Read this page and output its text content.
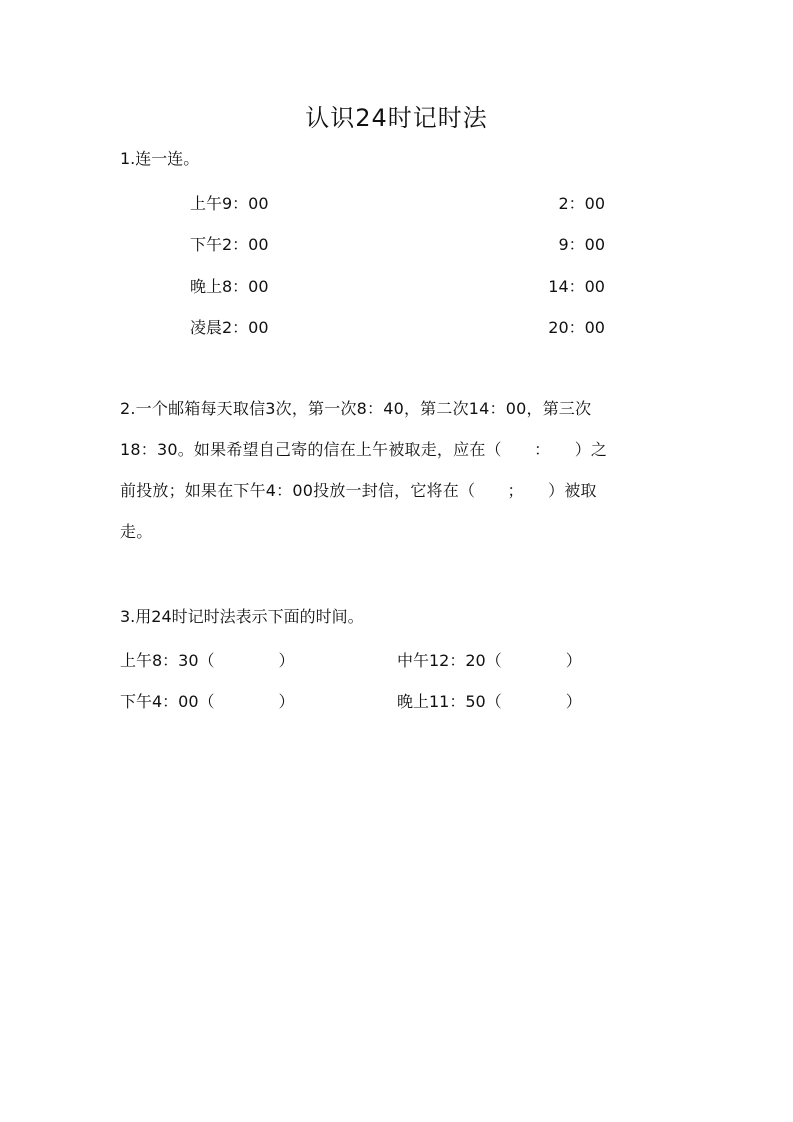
认识24时记时法
1.连一连。
上午9：00
下午2：00
晚上8：00
凌晨2：00
2：00
9：00
14：00
20：00

2.一个邮箱每天取信3次，第一次8：40，第二次14：00，第三次

18：30。如果希望自己寄的信在上午被取走，应在（　　：　　）之

前投放；如果在下午4：00投放一封信，它将在（　　；　　）被取

走。

3.用24时记时法表示下面的时间。
上午8：30（　　　　）	中午12：20（　　　　）
下午4：00（　　　　）	晚上11：50（　　　　）
